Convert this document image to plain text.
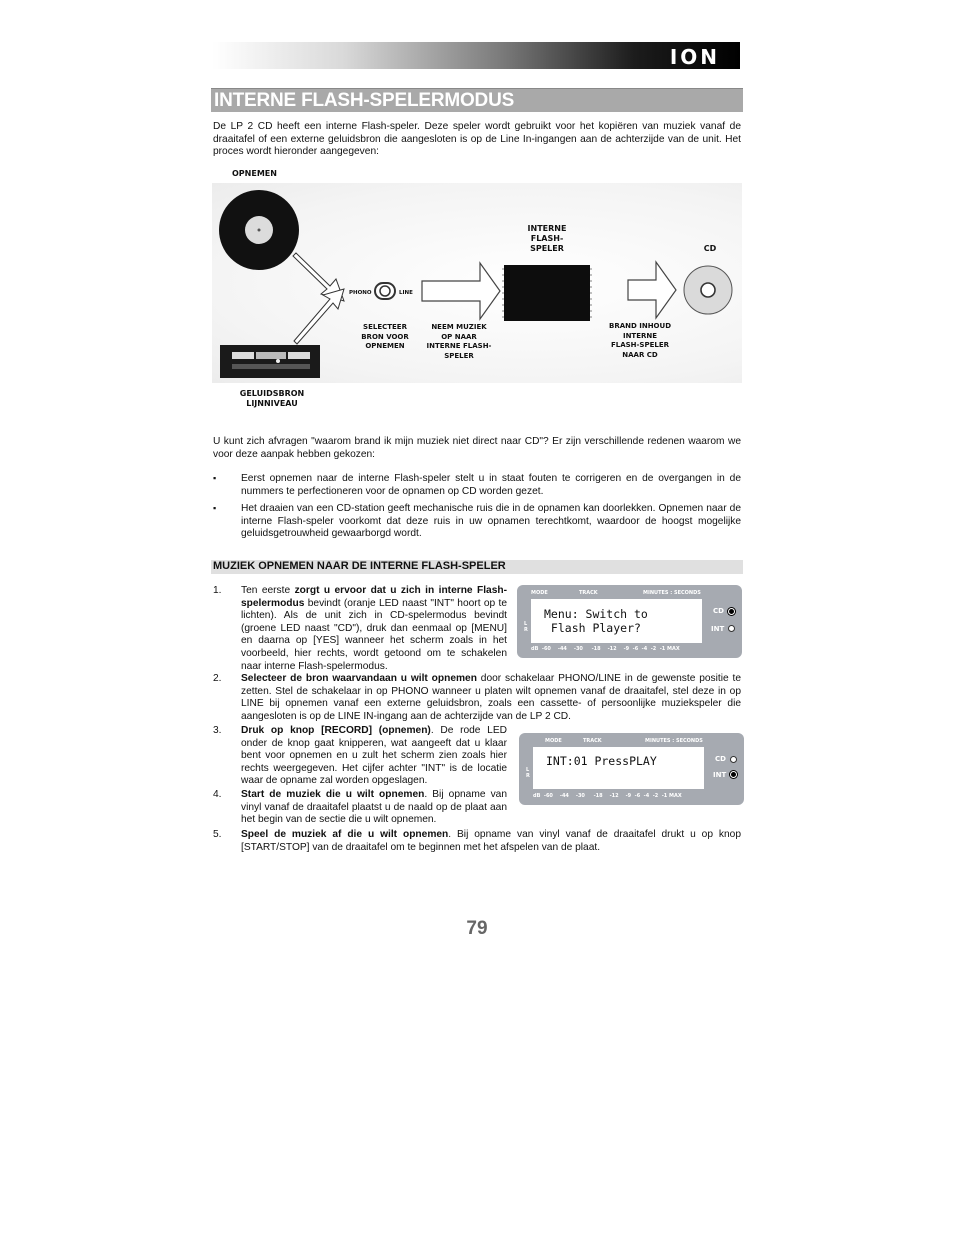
ION
INTERNE FLASH-SPELERMODUS
De LP 2 CD heeft een interne Flash-speler. Deze speler wordt gebruikt voor het kopiëren van muziek vanaf de draaitafel of een externe geluidsbron die aangesloten is op de Line In-ingangen aan de achterzijde van de unit. Het proces wordt hieronder aangegeven:
OPNEMEN
PHONO	LINE
INTERNE
FLASH-
SPELER	CD
SELECTEER
BRON VOOR
OPNEMEN
NEEM MUZIEK
OP NAAR
INTERNE FLASH-
SPELER
BRAND INHOUD
INTERNE
FLASH-SPELER
NAAR CD
GELUIDSBRON
LIJNNIVEAU
U kunt zich afvragen "waarom brand ik mijn muziek niet direct naar CD"? Er zijn verschillende redenen waarom we voor deze aanpak hebben gekozen:
▪ Eerst opnemen naar de interne Flash-speler stelt u in staat fouten te corrigeren en de overgangen in de nummers te perfectioneren voor de opnamen op CD worden gezet.
▪ Het draaien van een CD-station geeft mechanische ruis die in de opnamen kan doorlekken. Opnemen naar de interne Flash-speler voorkomt dat deze ruis in uw opnamen terechtkomt, waardoor de hoogst mogelijke geluidsgetrouwheid gewaarborgd wordt.
MUZIEK OPNEMEN NAAR DE INTERNE FLASH-SPELER
1. Ten eerste zorgt u ervoor dat u zich in interne Flash-spelermodus bevindt (oranje LED naast "INT" hoort op te lichten). Als de unit zich in CD-spelermodus bevindt (groene LED naast "CD"), druk dan eenmaal op [MENU] en daarna op [YES] wanneer het scherm zoals in het voorbeeld, hier rechts, wordt getoond om te schakelen naar interne Flash-spelermodus.
2. Selecteer de bron waarvandaan u wilt opnemen door schakelaar PHONO/LINE in de gewenste positie te zetten. Stel de schakelaar in op PHONO wanneer u platen wilt opnemen vanaf de draaitafel, stel deze in op LINE bij opnemen vanaf een externe geluidsbron, zoals een cassette- of persoonlijke muziekspeler die aangesloten is op de LINE IN-ingang aan de achterzijde van de LP 2 CD.
3. Druk op knop [RECORD] (opnemen). De rode LED onder de knop gaat knipperen, wat aangeeft dat u klaar bent voor opnemen en u zult het scherm zien zoals hier rechts weergegeven. Het cijfer achter "INT" is de locatie waar de opname zal worden opgeslagen.
4. Start de muziek die u wilt opnemen. Bij opname van vinyl vanaf de draaitafel plaatst u de naald op de plaat aan het begin van de sectie die u wilt opnemen.
5. Speel de muziek af die u wilt opnemen. Bij opname van vinyl vanaf de draaitafel drukt u op knop [START/STOP] van de draaitafel om te beginnen met het afspelen van de plaat.
MODE	TRACK	MINUTES : SECONDS
Menu: Switch to
Flash Player?
L R
CD
INT
dB  -60    -44    -30     -18    -12    -9  -6  -4  -2  -1 MAX
MODE	TRACK	MINUTES : SECONDS
INT:01 PressPLAY
L R
CD
INT
dB  -60    -44    -30     -18    -12    -9  -6  -4  -2  -1 MAX
79
